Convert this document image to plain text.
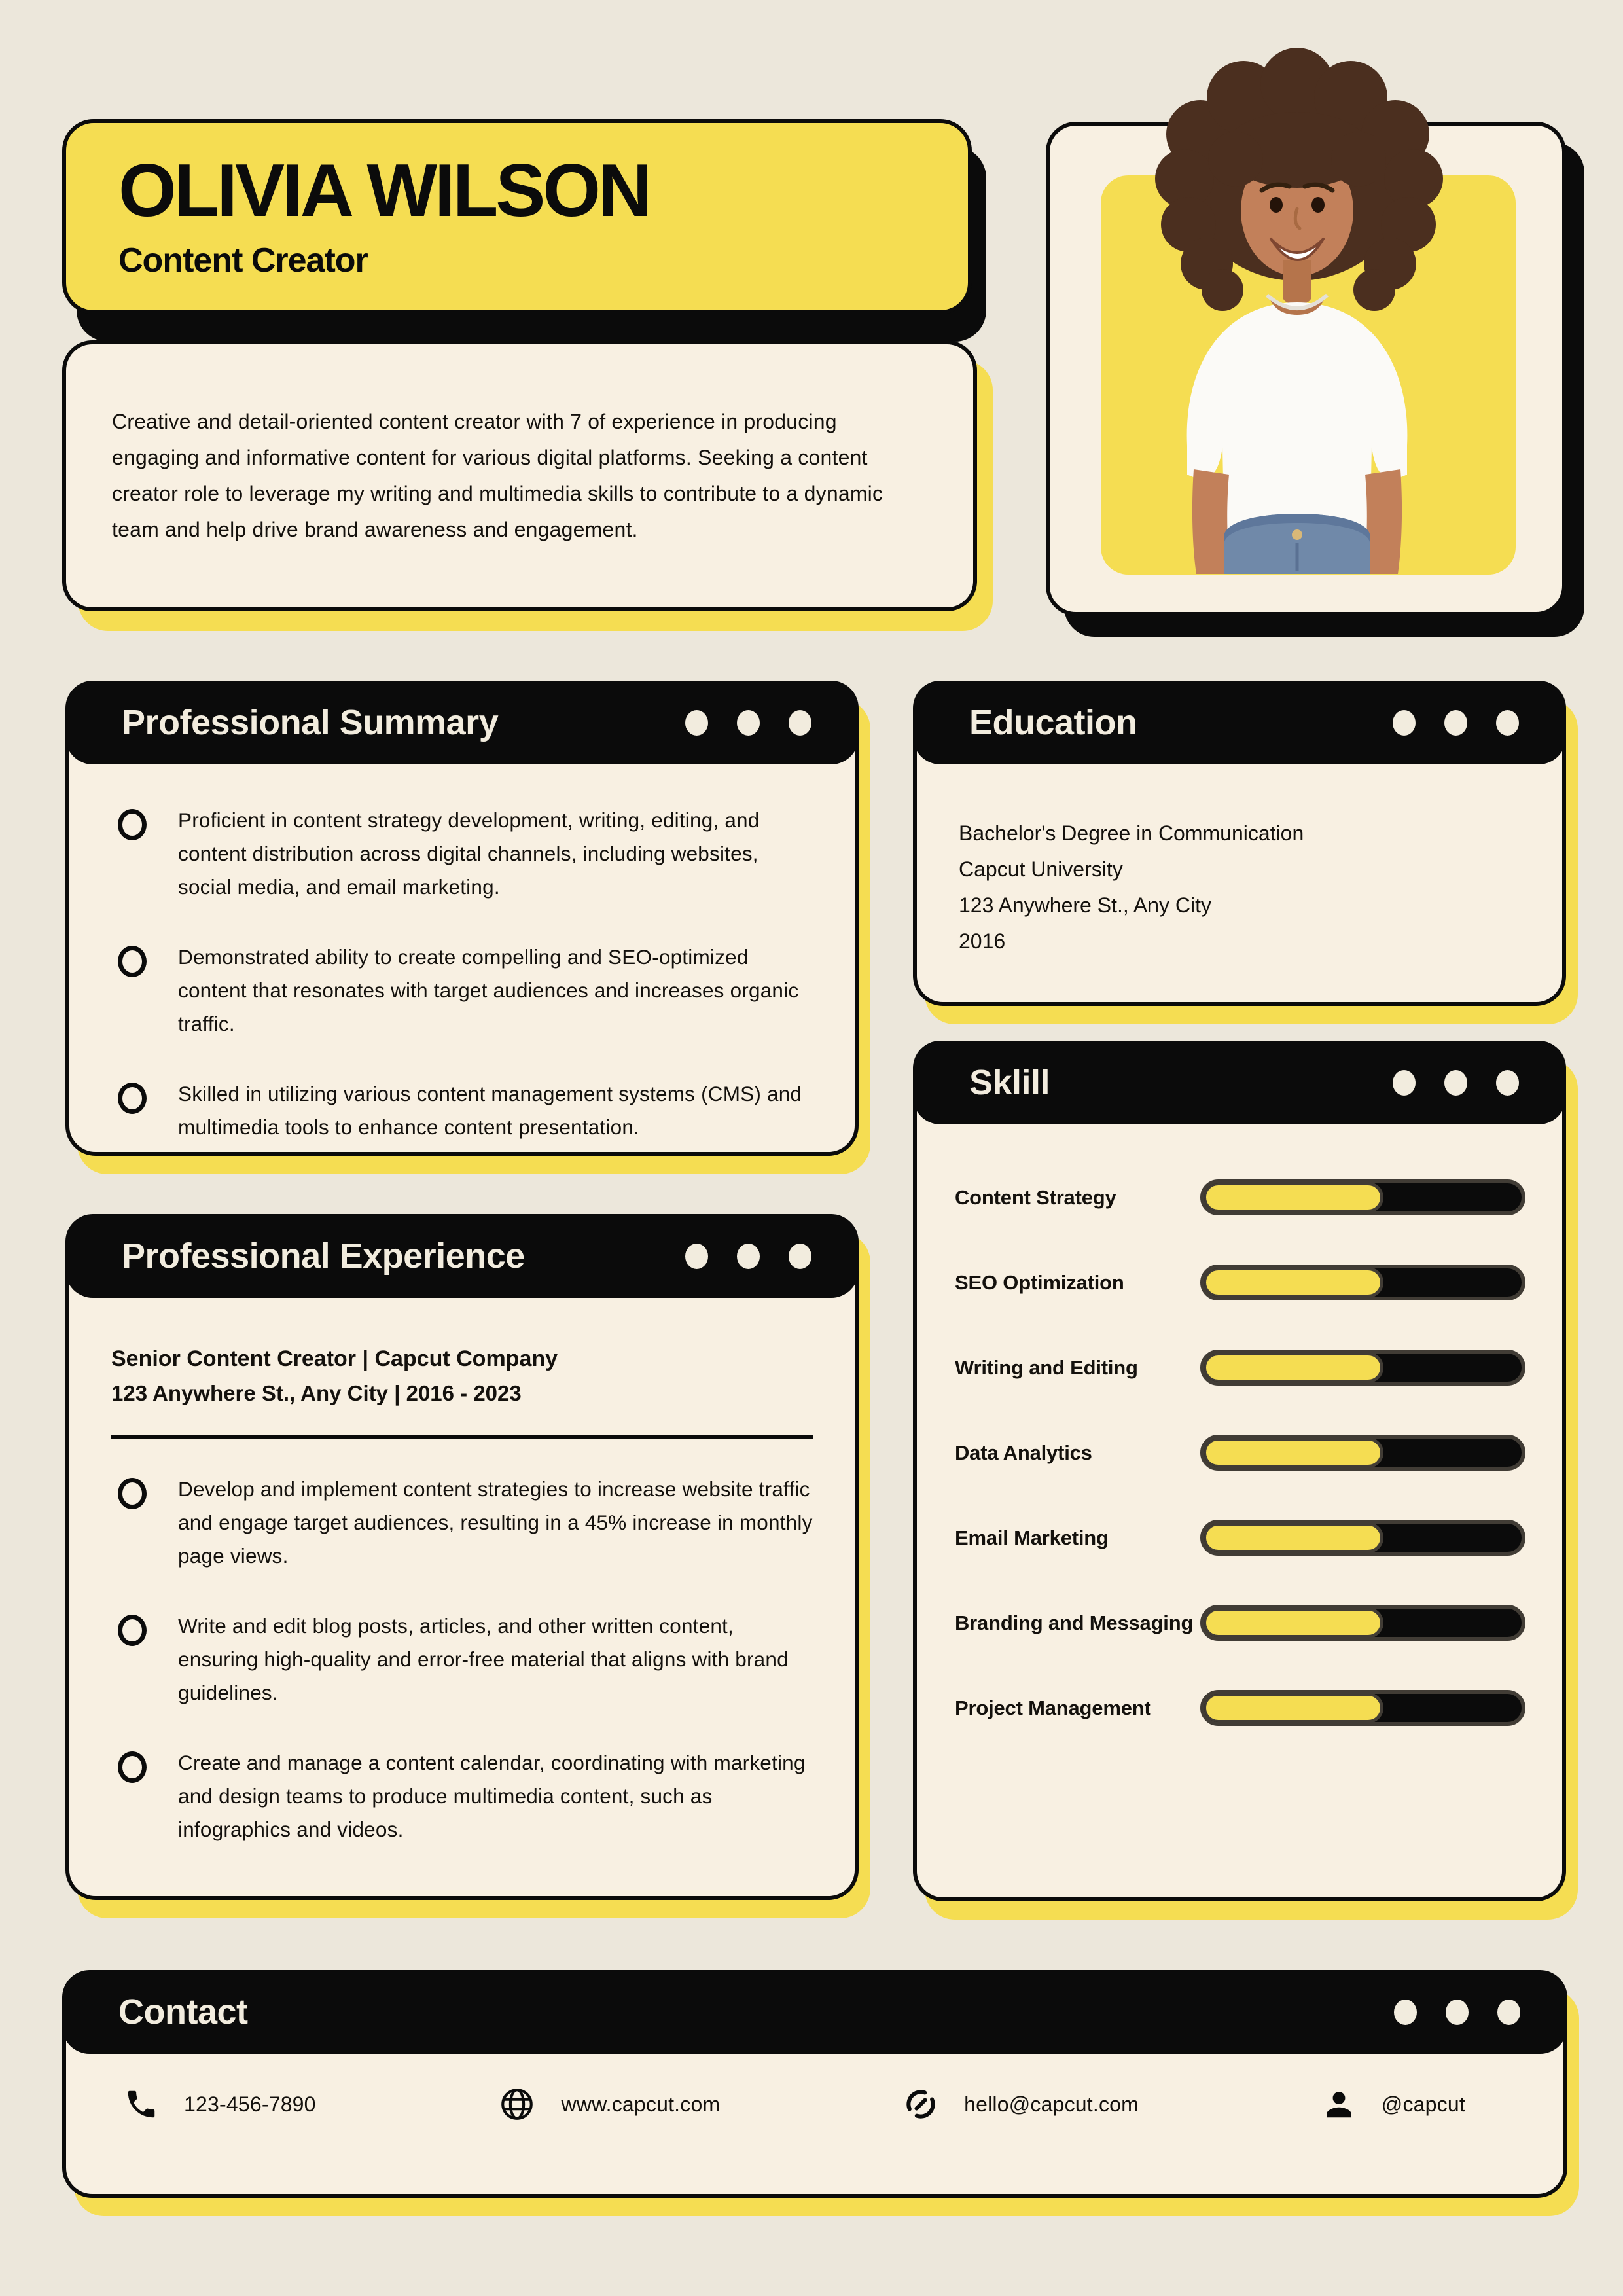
OLIVIA WILSON
Content Creator

Creative and detail-oriented content creator with 7 of experience in producing engaging and informative content for various digital platforms. Seeking a content creator role to leverage my writing and multimedia skills to contribute to a dynamic team and help drive brand awareness and engagement.

Professional Summary

Proficient in content strategy development, writing, editing, and content distribution across digital channels, including websites, social media, and email marketing.

Demonstrated ability to create compelling and SEO-optimized content that resonates with target audiences and increases organic traffic.

Skilled in utilizing various content management systems (CMS) and multimedia tools to enhance content presentation.

Professional Experience
Senior Content Creator | Capcut Company
123 Anywhere St., Any City | 2016 - 2023

Develop and implement content strategies to increase website traffic and engage target audiences, resulting in a 45% increase in monthly page views.

Write and edit blog posts, articles, and other written content, ensuring high-quality and error-free material that aligns with brand guidelines.

Create and manage a content calendar, coordinating with marketing and design teams to produce multimedia content, such as infographics and videos.

Education
Bachelor's Degree in Communication
Capcut University
123 Anywhere St., Any City
2016
Sklill
Content Strategy
SEO Optimization
Writing and Editing
Data Analytics
Email Marketing
Branding and Messaging
Project Management
Contact
123-456-7890	www.capcut.com	hello@capcut.com	@capcut
